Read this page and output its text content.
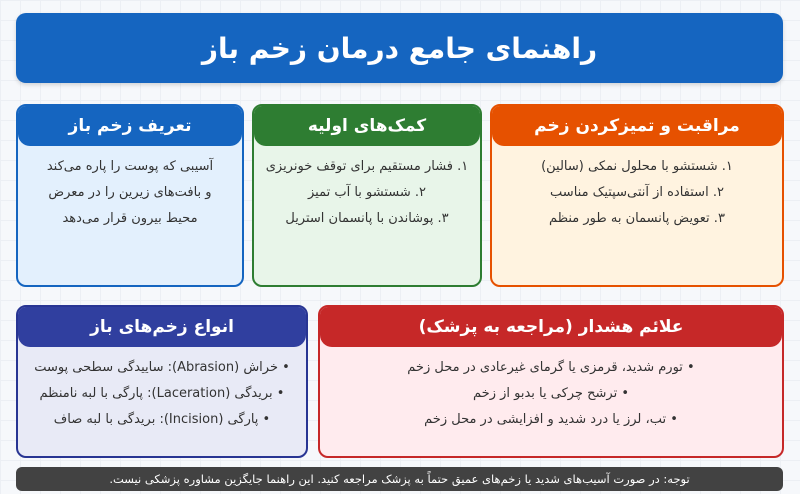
راهنمای جامع درمان زخم باز
تعریف زخم باز
آسیبی که پوست را پاره می‌کند
و بافت‌های زیرین را در معرض
محیط بیرون قرار می‌دهد
کمک‌های اولیه
۱. فشار مستقیم برای توقف خونریزی
۲. شستشو با آب تمیز
۳. پوشاندن با پانسمان استریل
مراقبت و تمیزکردن زخم
۱. شستشو با محلول نمکی (سالین)
۲. استفاده از آنتی‌سپتیک مناسب
۳. تعویض پانسمان به طور منظم
انواع زخم‌های باز
• خراش (Abrasion): ساییدگی سطحی پوست
• بریدگی (Laceration): پارگی با لبه نامنظم
• پارگی (Incision): بریدگی با لبه صاف
علائم هشدار (مراجعه به پزشک)
• تورم شدید، قرمزی یا گرمای غیرعادی در محل زخم
• ترشح چرکی یا بدبو از زخم
• تب، لرز یا درد شدید و افزایشی در محل زخم
توجه: در صورت آسیب‌های شدید یا زخم‌های عمیق حتماً به پزشک مراجعه کنید. این راهنما جایگزین مشاوره پزشکی نیست.
